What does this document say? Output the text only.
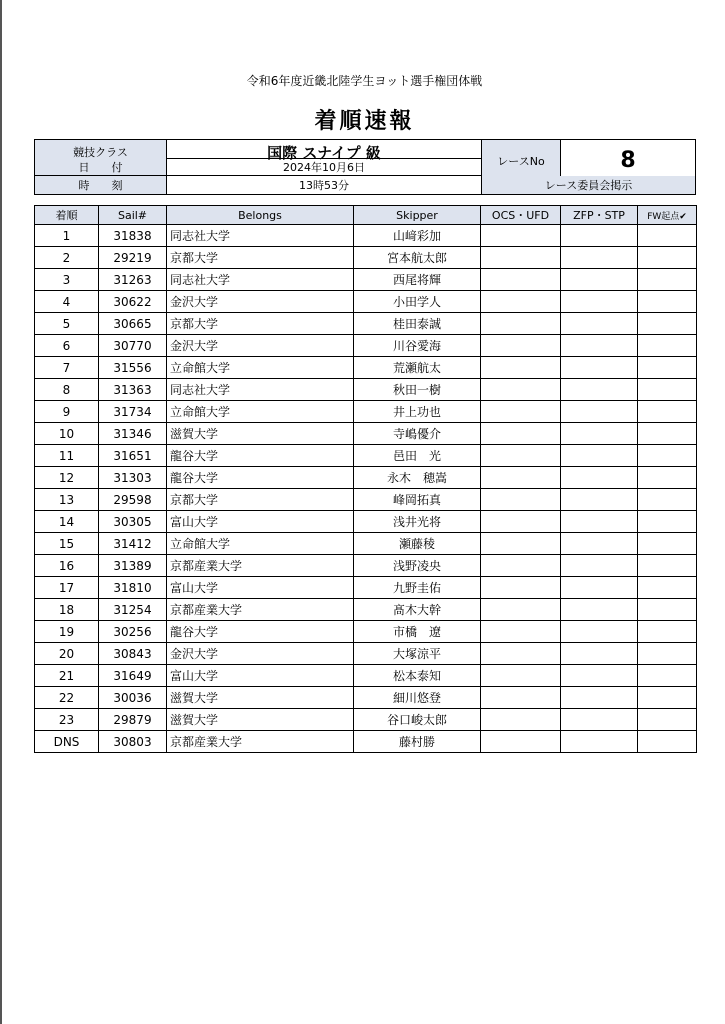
令和6年度近畿北陸学生ヨット選手権団体戦
着順速報
競技クラス	国際 スナイプ 級	レースNo	8
日　　付	2024年10月6日
時　　刻	13時53分	レース委員会掲示
着順	Sail#	Belongs	Skipper	OCS・UFD	ZFP・STP	FW起点✔
1	31838	同志社大学	山﨑彩加			
2	29219	京都大学	宮本航太郎			
3	31263	同志社大学	西尾将輝			
4	30622	金沢大学	小田学人			
5	30665	京都大学	桂田泰誠			
6	30770	金沢大学	川谷愛海			
7	31556	立命館大学	荒瀬航太			
8	31363	同志社大学	秋田一樹			
9	31734	立命館大学	井上功也			
10	31346	滋賀大学	寺嶋優介			
11	31651	龍谷大学	邑田　光			
12	31303	龍谷大学	永木　穂嵩			
13	29598	京都大学	峰岡拓真			
14	30305	富山大学	浅井光将			
15	31412	立命館大学	瀬藤稜			
16	31389	京都産業大学	浅野凌央			
17	31810	富山大学	九野圭佑			
18	31254	京都産業大学	髙木大幹			
19	30256	龍谷大学	市橋　遼			
20	30843	金沢大学	大塚涼平			
21	31649	富山大学	松本泰知			
22	30036	滋賀大学	細川悠登			
23	29879	滋賀大学	谷口峻太郎			
DNS	30803	京都産業大学	藤村勝			
